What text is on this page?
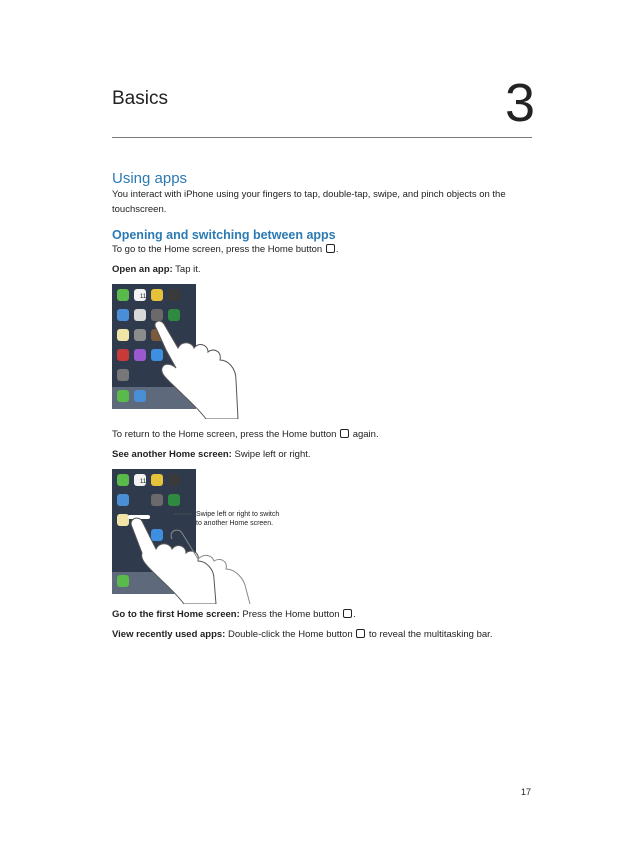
Basics	3
Using apps
You interact with iPhone using your fingers to tap, double-tap, swipe, and pinch objects on the touchscreen.
Opening and switching between apps
To go to the Home screen, press the Home button .
Open an app: Tap it.
11
To return to the Home screen, press the Home button again.
See another Home screen: Swipe left or right.
11
Swipe left or right to switch
to another Home screen.
Go to the first Home screen: Press the Home button .
View recently used apps: Double-click the Home button to reveal the multitasking bar.
17
